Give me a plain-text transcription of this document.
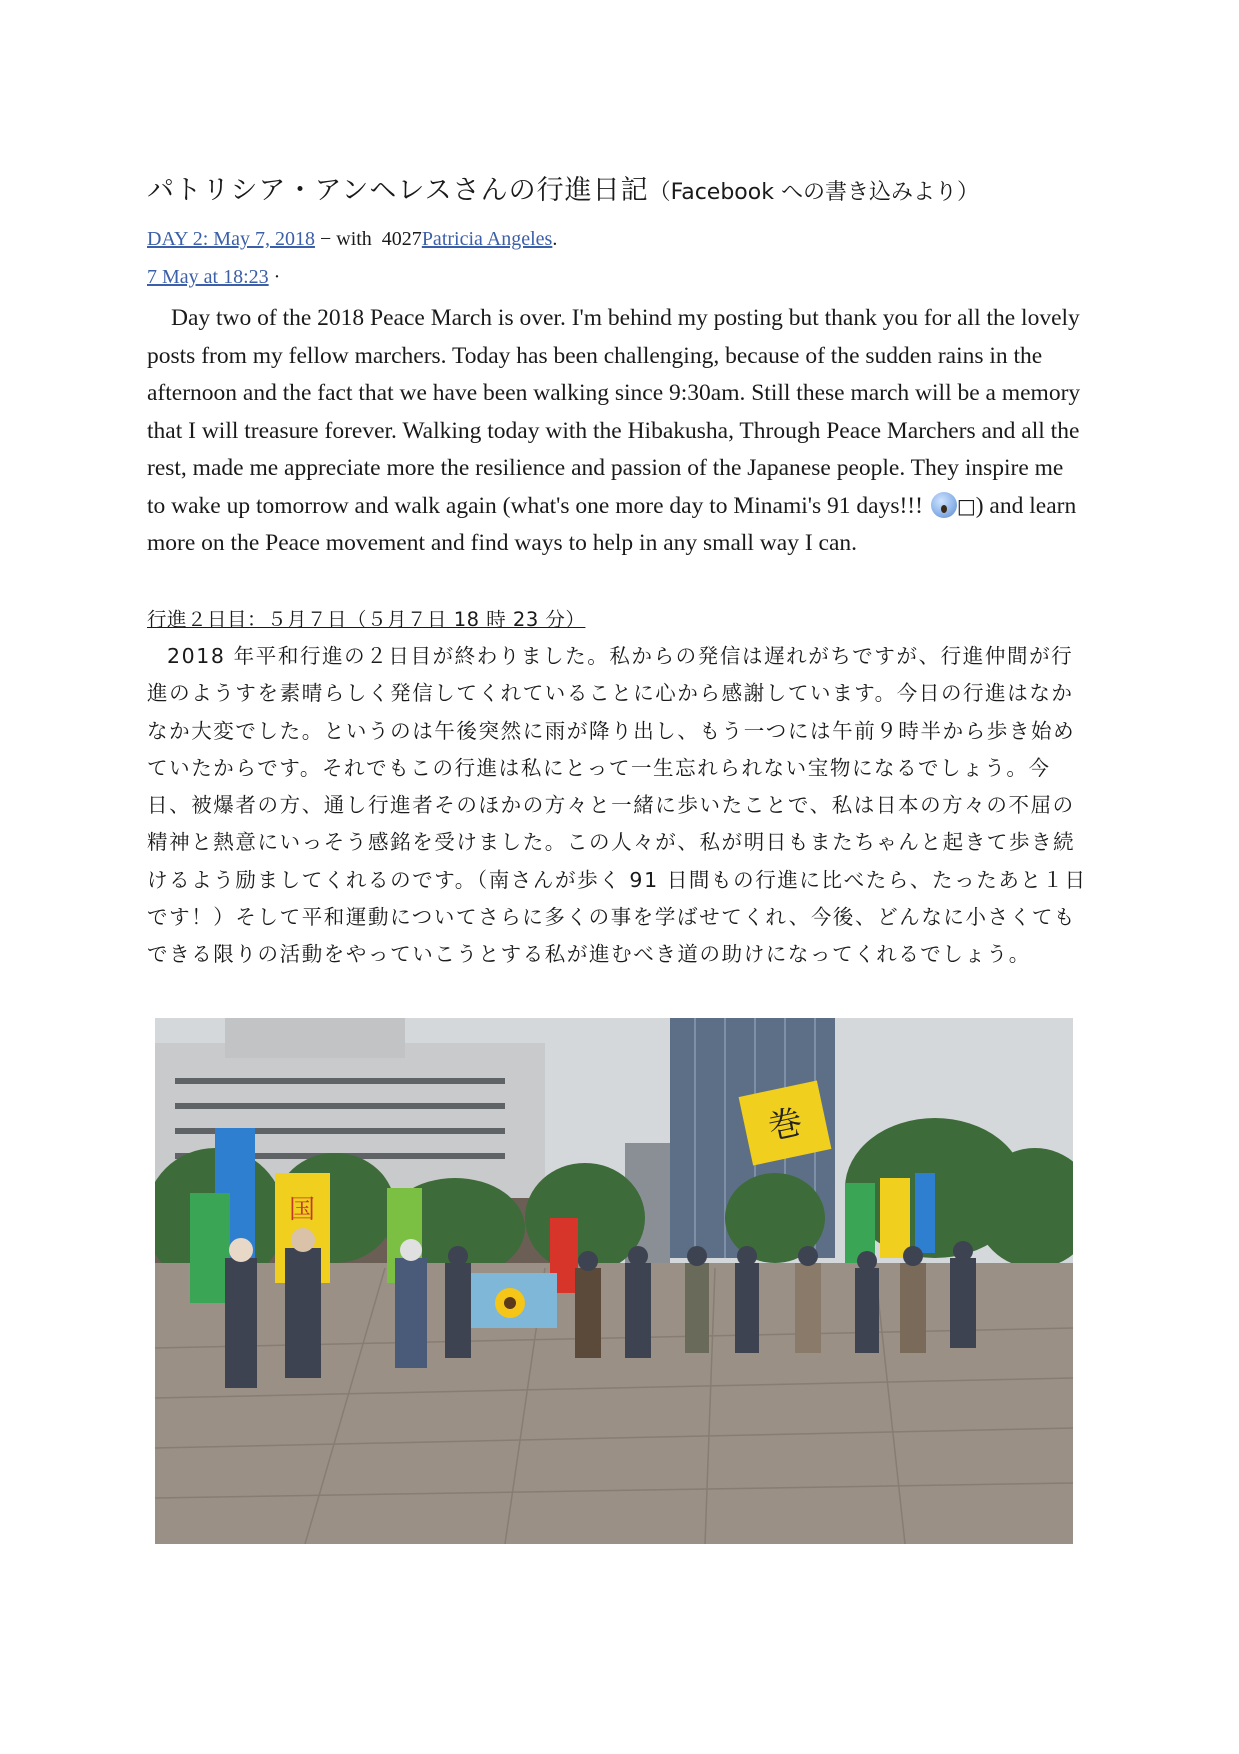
パトリシア・アンヘレスさんの行進日記（Facebook への書き込みより）
DAY 2: May 7, 2018 − with  4027Patricia Angeles.
7 May at 18:23 ·

Day two of the 2018 Peace March is over. I'm behind my posting but thank you for all the lovely posts from my fellow marchers. Today has been challenging, because of the sudden rains in the afternoon and the fact that we have been walking since 9:30am. Still these march will be a memory that I will treasure forever. Walking today with the Hibakusha, Through Peace Marchers and all the rest, made me appreciate more the resilience and passion of the Japanese people. They inspire me to wake up tomorrow and walk again (what's one more day to Minami's 91 days!!! □) and learn more on the Peace movement and find ways to help in any small way I can.

行進２日目：５月７日（５月７日 18 時 23 分）

2018 年平和行進の２日目が終わりました。私からの発信は遅れがちですが、行進仲間が行進のようすを素晴らしく発信してくれていることに心から感謝しています。今日の行進はなかなか大変でした。というのは午後突然に雨が降り出し、もう一つには午前９時半から歩き始めていたからです。それでもこの行進は私にとって一生忘れられない宝物になるでしょう。今日、被爆者の方、通し行進者そのほかの方々と一緒に歩いたことで、私は日本の方々の不屈の精神と熱意にいっそう感銘を受けました。この人々が、私が明日もまたちゃんと起きて歩き続けるよう励ましてくれるのです。（南さんが歩く 91 日間もの行進に比べたら、たったあと１日です！）そして平和運動についてさらに多くの事を学ばせてくれ、今後、どんなに小さくてもできる限りの活動をやっていこうとする私が進むべき道の助けになってくれるでしょう。

国
巻
